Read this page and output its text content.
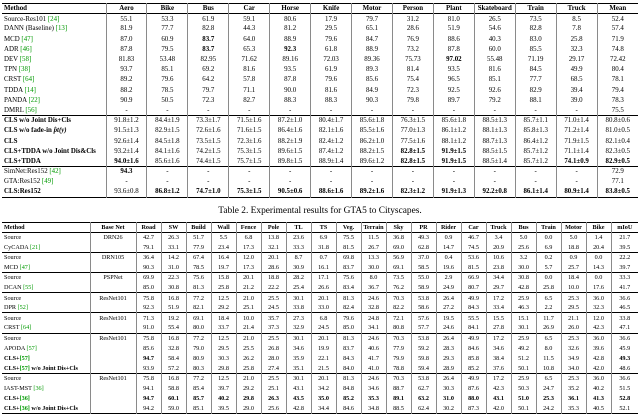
Method	Aero	Bike	Bus	Car	Horse	Knife	Motor	Person	Plant	Skateboard	Train	Truck	Mean
Source-Res101 [24]	55.1	53.3	61.9	59.1	80.6	17.9	79.7	31.2	81.0	26.5	73.5	8.5	52.4
DANN (Baseline) [13]	81.9	77.7	82.8	44.3	81.2	29.5	65.1	28.6	51.9	54.6	82.8	7.8	57.4
MCD [47]	87.0	60.9	83.7	64.0	88.9	79.6	84.7	76.9	88.6	40.3	83.0	25.8	71.9
ADR [46]	87.8	79.5	83.7	65.3	92.3	61.8	88.9	73.2	87.8	60.0	85.5	32.3	74.8
DEV [58]	81.83	53.48	82.95	71.62	89.16	72.03	89.36	75.73	97.02	55.48	71.19	29.17	72.42
TPN [38]	93.7	85.1	69.2	81.6	93.5	61.9	89.3	81.4	93.5	81.6	84.5	49.9	80.4
CRST [64]	89.2	79.6	64.2	57.8	87.8	79.6	85.6	75.4	96.5	85.1	77.7	68.5	78.1
TDDA [14]	88.2	78.5	79.7	71.1	90.0	81.6	84.9	72.3	92.5	92.6	82.9	39.4	79.4
PANDA [22]	90.9	50.5	72.3	82.7	88.3	88.3	90.3	79.8	89.7	79.2	88.1	39.0	78.3
DMRL [56]	-	-	-	-	-	-	-	-	-	-	-	-	75.5
CLS w/o Joint Dis+Cls	91.8±1.2	84.4±1.9	73.3±1.7	71.5±1.6	87.2±1.0	80.4±1.7	85.6±1.8	76.3±1.5	85.6±1.8	88.5±1.3	85.7±1.1	71.0±1.4	80.8±0.6
CLS w/o fade-in p̂t(y)	91.5±1.3	82.9±1.5	72.6±1.6	71.6±1.5	86.4±1.6	82.1±1.6	85.5±1.6	77.0±1.3	86.1±1.2	88.1±1.3	85.8±1.3	71.2±1.4	81.0±0.5
CLS	92.6±1.4	84.5±1.8	73.5±1.5	72.3±1.6	88.2±1.9	82.4±1.2	86.2±1.0	77.5±1.6	88.1±1.2	88.7±1.3	86.4±1.2	71.9±1.5	82.1±0.4
CLS+TDDA w/o Joint Dis&Cls	93.2±1.4	84.1±1.6	74.2±1.5	75.3±1.5	89.6±1.5	87.4±1.2	88.2±1.5	82.8±1.5	91.9±1.5	88.5±1.5	85.7±1.2	71.1±1.4	82.3±0.5
CLS+TDDA	94.0±1.6	85.6±1.6	74.4±1.5	75.7±1.5	89.8±1.5	88.9±1.4	89.6±1.2	82.8±1.5	91.9±1.5	88.5±1.4	85.7±1.2	74.1±0.9	82.9±0.5
SimNet:Res152 [42]	94.3	-	-	-	-	-	-	-	-	-	-	-	72.9
GTA:Res152 [49]	-	-	-	-	-	-	-	-	-	-	-	-	77.1
CLS:Res152	93.6±0.8	86.8±1.2	74.7±1.0	75.3±1.5	90.5±0.6	88.6±1.6	89.2±1.6	82.3±1.2	91.9±1.3	92.2±0.8	86.1±1.4	80.9±1.4	83.8±0.5
Table 2. Experimental results for GTA5 to Cityscapes.
Method	Base Net	Road	SW	Build	Wall	Fence	Pole	TL	TS	Veg.	Terrain	Sky	PR	Rider	Car	Truck	Bus	Train	Motor	Bike	mIoU
Source	DRN26	42.7	26.3	51.7	5.5	6.8	13.8	23.6	6.9	75.5	11.5	36.8	49.3	0.9	46.7	3.4	5.0	0.0	5.0	1.4	21.7
CyCADA [21]		79.1	33.1	77.9	23.4	17.3	32.1	33.3	31.8	81.5	26.7	69.0	62.8	14.7	74.5	20.9	25.6	6.9	18.8	20.4	39.5
Source	DRN105	36.4	14.2	67.4	16.4	12.0	20.1	8.7	0.7	69.8	13.3	56.9	37.0	0.4	53.6	10.6	3.2	0.2	0.9	0.0	22.2
MCD [47]		90.3	31.0	78.5	19.7	17.3	28.6	30.9	16.1	83.7	30.0	69.1	58.5	19.6	81.5	23.8	30.0	5.7	25.7	14.3	39.7
Source	PSPNet	69.9	22.3	75.6	15.8	20.1	18.8	28.2	17.1	75.6	8.0	73.5	55.0	2.9	66.9	34.4	30.8	0.0	18.4	0.0	33.3
DCAN [55]		85.0	30.8	81.3	25.8	21.2	22.2	25.4	26.6	83.4	36.7	76.2	58.9	24.9	80.7	29.7	42.8	25.8	10.0	17.6	41.7
Source	ResNet101	75.8	16.8	77.2	12.5	21.0	25.5	30.1	20.1	81.3	24.6	70.3	53.8	26.4	49.9	17.2	25.9	6.5	25.3	36.0	36.6
DPR [52]		92.3	51.9	82.1	29.2	25.1	24.5	33.8	33.0	82.4	32.8	82.2	58.6	27.2	84.3	33.4	46.3	2.2	29.5	32.3	46.5
Source	ResNet101	71.3	19.2	69.1	18.4	10.0	35.7	27.3	6.8	79.6	24.8	72.1	57.6	19.5	55.5	15.5	15.1	11.7	21.1	12.0	33.8
CRST [64]		91.0	55.4	80.0	33.7	21.4	37.3	32.9	24.5	85.0	34.1	80.8	57.7	24.6	84.1	27.8	30.1	26.9	26.0	42.3	47.1
Source	ResNet101	75.8	16.8	77.2	12.5	21.0	25.5	30.1	20.1	81.3	24.6	70.3	53.8	26.4	49.9	17.2	25.9	6.5	25.3	36.0	36.6
APODA [57]		85.6	32.8	79.0	29.5	25.5	26.8	34.6	19.9	83.7	40.6	77.9	59.2	28.3	84.6	34.6	49.2	8.0	32.6	39.6	45.9
CLS+[57]		94.7	58.4	80.9	30.3	26.2	28.0	35.9	22.1	84.3	41.7	79.9	59.8	29.3	85.8	38.4	51.2	11.5	34.9	42.8	49.3
CLS+[57] w/o Joint Dis+Cls		93.9	57.2	80.3	29.8	25.8	27.4	35.1	21.5	84.0	41.0	78.8	59.4	28.9	85.2	37.6	50.1	10.8	34.0	42.0	48.6
Source	ResNet101	75.8	16.8	77.2	12.5	21.0	25.5	30.1	20.1	81.3	24.6	70.3	53.8	26.4	49.9	17.2	25.9	6.5	25.3	36.0	36.6
IAST-MST [36]		94.1	58.8	85.4	39.7	29.2	25.1	43.1	34.2	84.8	34.6	88.7	62.7	30.3	87.6	42.3	50.3	24.7	35.2	40.2	51.5
CLS+[36]		94.7	60.1	85.7	40.2	29.8	26.3	43.5	35.0	85.2	35.3	89.1	63.2	31.0	88.0	43.1	51.0	25.3	36.1	41.3	52.8
CLS+[36] w/o Joint Dis+Cls		94.2	59.0	85.1	39.5	29.0	25.6	42.8	34.4	84.6	34.8	88.5	62.4	30.2	87.3	42.0	50.1	24.2	35.3	40.5	52.1
